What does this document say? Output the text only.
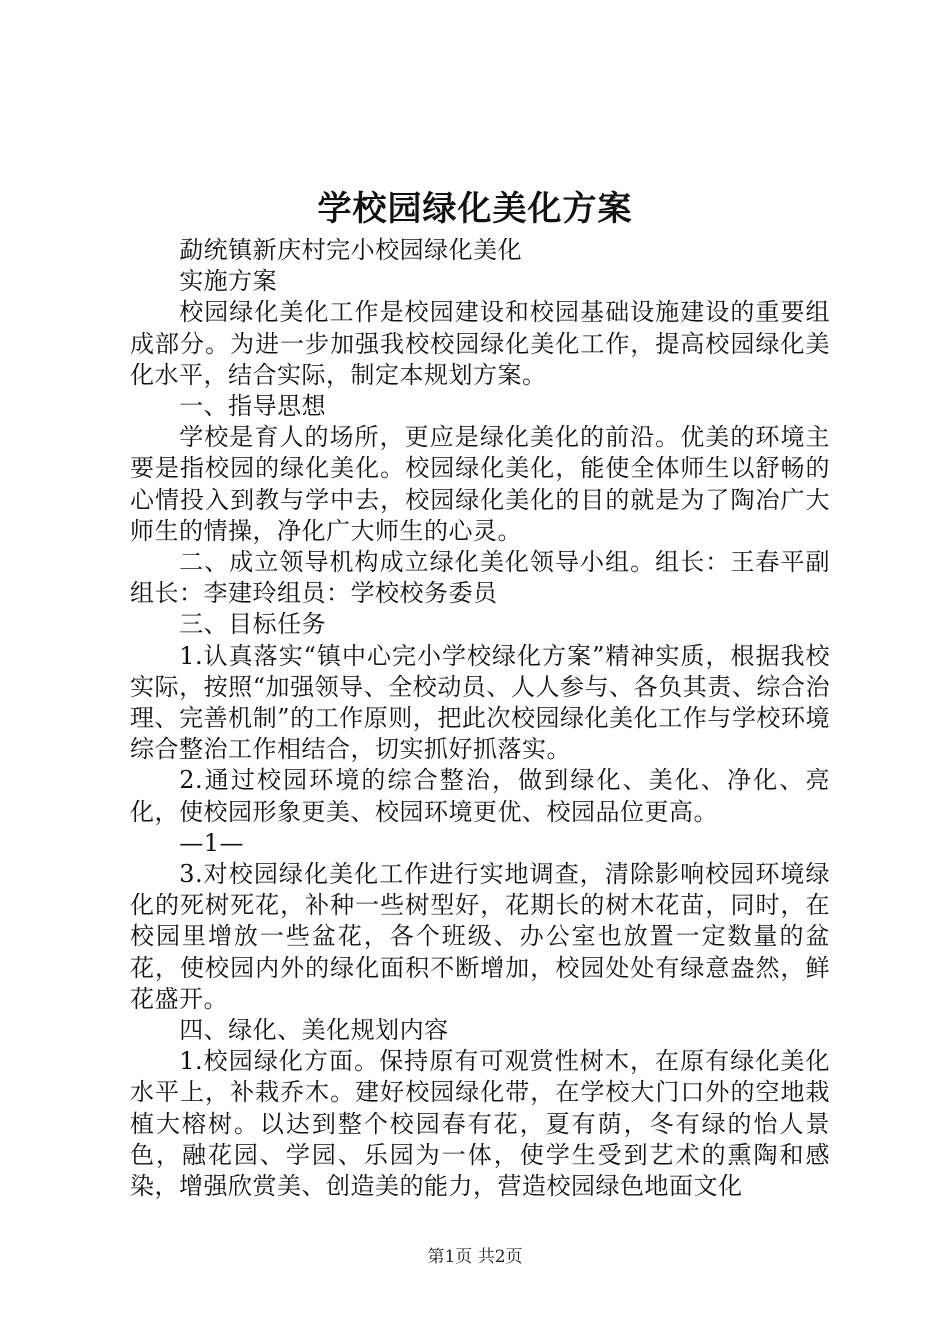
学校园绿化美化方案

勐统镇新庆村完小校园绿化美化

实施方案

校园绿化美化工作是校园建设和校园基础设施建设的重要组成部分。为进一步加强我校校园绿化美化工作，提高校园绿化美化水平，结合实际，制定本规划方案。

一、指导思想

学校是育人的场所，更应是绿化美化的前沿。优美的环境主要是指校园的绿化美化。校园绿化美化，能使全体师生以舒畅的心情投入到教与学中去，校园绿化美化的目的就是为了陶冶广大师生的情操，净化广大师生的心灵。

二、成立领导机构成立绿化美化领导小组。组长：王春平副组长：李建玲组员：学校校务委员

三、目标任务

1.认真落实“镇中心完小学校绿化方案”精神实质，根据我校实际，按照“加强领导、全校动员、人人参与、各负其责、综合治理、完善机制”的工作原则，把此次校园绿化美化工作与学校环境综合整治工作相结合，切实抓好抓落实。

2.通过校园环境的综合整治，做到绿化、美化、净化、亮化，使校园形象更美、校园环境更优、校园品位更高。

—1—

3.对校园绿化美化工作进行实地调查，清除影响校园环境绿化的死树死花，补种一些树型好，花期长的树木花苗，同时，在校园里增放一些盆花，各个班级、办公室也放置一定数量的盆花，使校园内外的绿化面积不断增加，校园处处有绿意盎然，鲜花盛开。

四、绿化、美化规划内容

1.校园绿化方面。保持原有可观赏性树木，在原有绿化美化水平上，补栽乔木。建好校园绿化带，在学校大门口外的空地栽植大榕树。以达到整个校园春有花，夏有荫，冬有绿的怡人景色，融花园、学园、乐园为一体，使学生受到艺术的熏陶和感染，增强欣赏美、创造美的能力，营造校园绿色地面文化

第1页 共2页
